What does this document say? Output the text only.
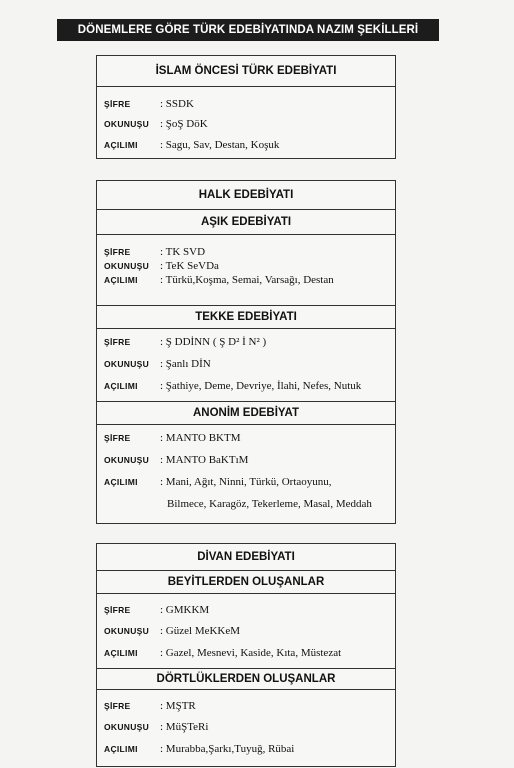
DÖNEMLERE GÖRE TÜRK EDEBİYATINDA NAZIM ŞEKİLLERİ
İSLAM ÖNCESİ TÜRK EDEBİYATI
ŞİFRE	: SSDK
OKUNUŞU : ŞoŞ DöK
AÇILIMI	: Sagu, Sav, Destan, Koşuk
HALK EDEBİYATI
AŞIK EDEBİYATI
ŞİFRE	: TK SVD
OKUNUŞU : TeK SeVDa
AÇILIMI	: Türkü,Koşma, Semai, Varsağı, Destan
TEKKE EDEBİYATI
ŞİFRE	: Ş DDİNN ( Ş D² İ N² )
OKUNUŞU : Şanlı DİN
AÇILIMI	: Şathiye, Deme, Devriye, İlahi, Nefes, Nutuk
ANONİM EDEBİYAT
ŞİFRE	: MANTO BKTM
OKUNUŞU : MANTO BaKTıM
AÇILIMI	: Mani, Ağıt, Ninni, Türkü, Ortaoyunu,
Bilmece, Karagöz, Tekerleme, Masal, Meddah
DİVAN EDEBİYATI
BEYİTLERDEN OLUŞANLAR
ŞİFRE	: GMKKM
OKUNUŞU : Güzel MeKKeM
AÇILIMI	: Gazel, Mesnevi, Kaside, Kıta, Müstezat
DÖRTLÜKLERDEN OLUŞANLAR
ŞİFRE	: MŞTR
OKUNUŞU : MüŞTeRi
AÇILIMI	: Murabba,Şarkı,Tuyuğ, Rübai
